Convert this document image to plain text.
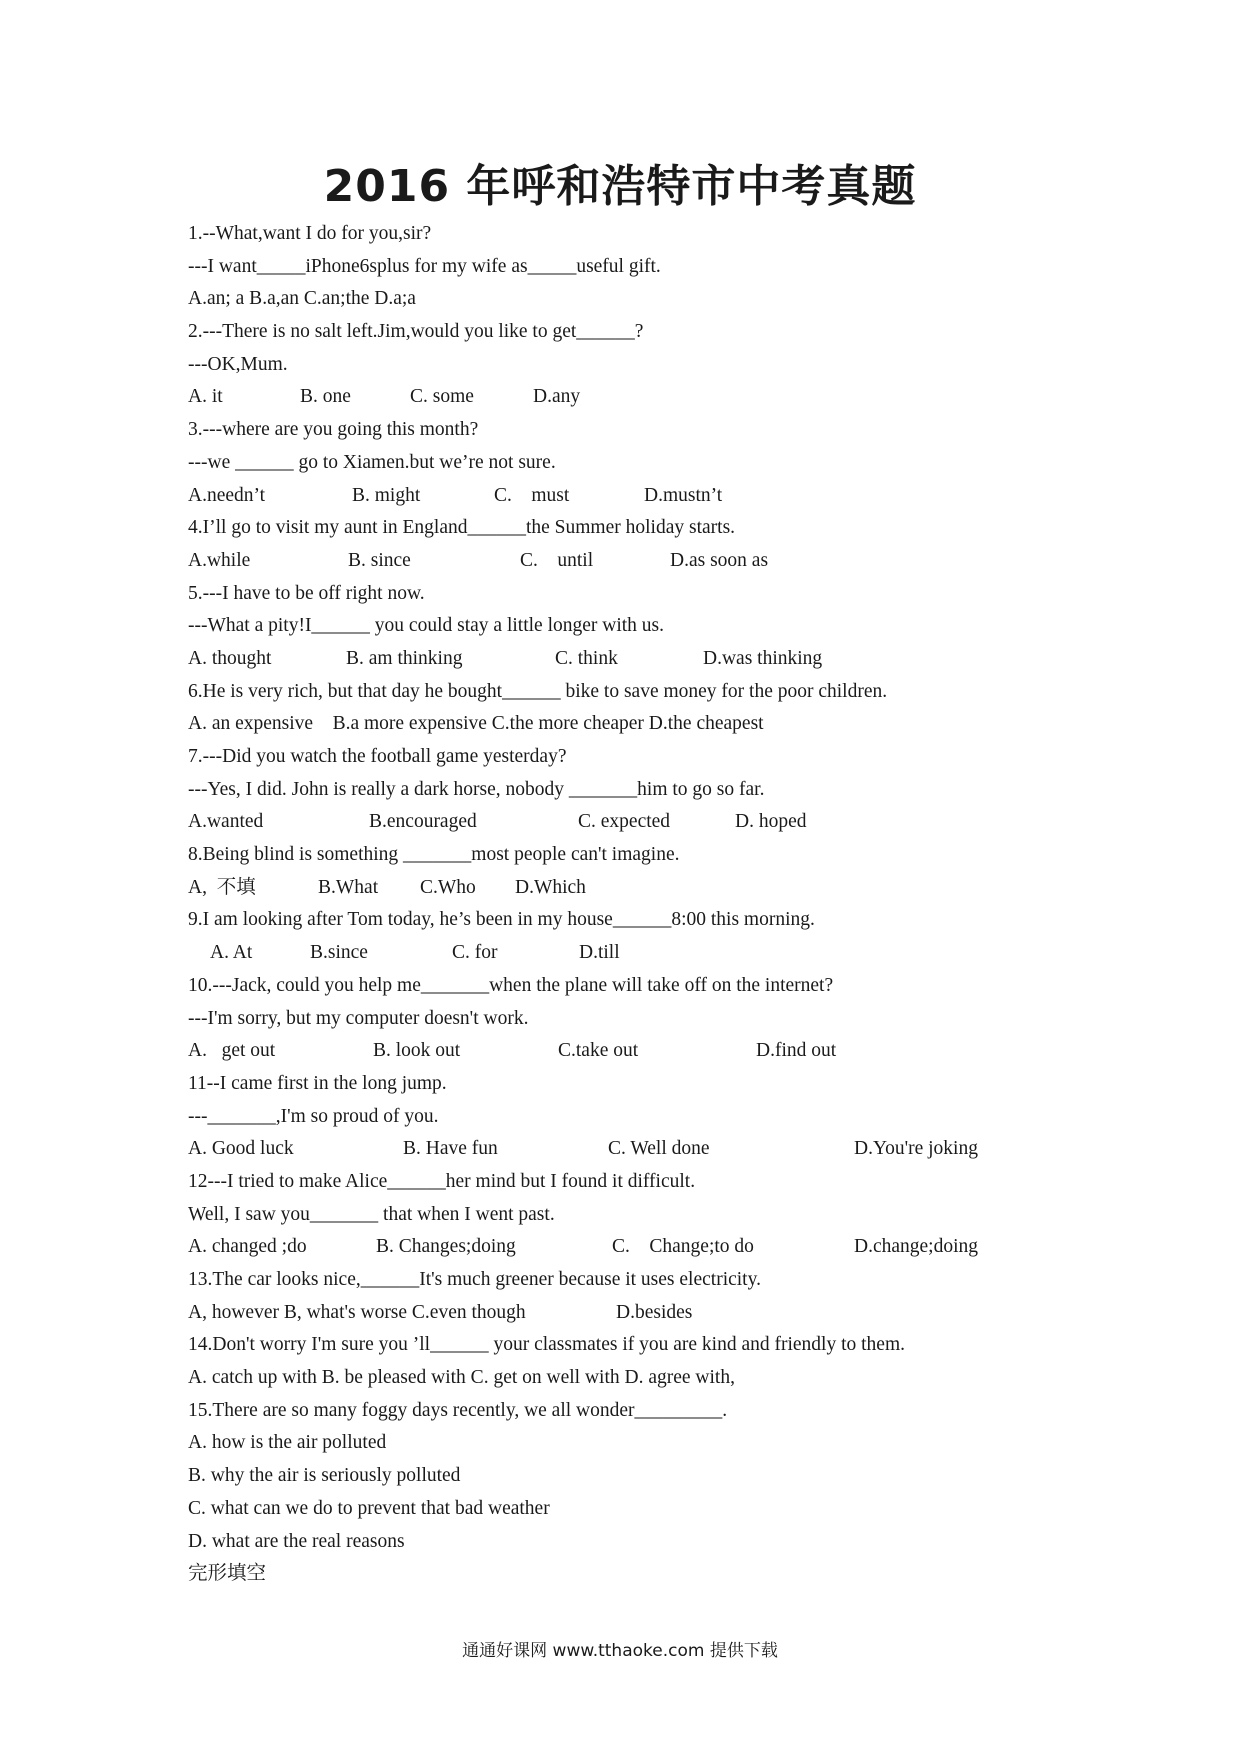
2016 年呼和浩特市中考真题
1.--What,want I do for you,sir?
---I want_____iPhone6splus for my wife as_____useful gift.
A.an; a B.a,an C.an;the D.a;a
2.---There is no salt left.Jim,would you like to get______?
---OK,Mum.
A. it	B. one	C. some	D.any
3.---where are you going this month?
---we ______ go to Xiamen.but we’re not sure.
A.needn’t	B. might	C.    must	D.mustn’t
4.I’ll go to visit my aunt in England______the Summer holiday starts.
A.while	B. since	C.    until	D.as soon as
5.---I have to be off right now.
---What a pity!I______ you could stay a little longer with us.
A. thought	B. am thinking	C. think	D.was thinking
6.He is very rich, but that day he bought______ bike to save money for the poor children.
A. an expensive    B.a more expensive C.the more cheaper D.the cheapest
7.---Did you watch the football game yesterday?
---Yes, I did. John is really a dark horse, nobody _______him to go so far.
A.wanted	B.encouraged	C. expected	D. hoped
8.Being blind is something _______most people can't imagine.
A,  不填	B.What	C.Who	D.Which
9.I am looking after Tom today, he’s been in my house______8:00 this morning.
A. At	B.since	C. for	D.till
10.---Jack, could you help me_______when the plane will take off on the internet?
---I'm sorry, but my computer doesn't work.
A.   get out	B. look out	C.take out	D.find out
11--I came first in the long jump.
---_______,I'm so proud of you.
A. Good luck	B. Have fun	C. Well done	D.You're joking
12---I tried to make Alice______her mind but I found it difficult.
Well, I saw you_______ that when I went past.
A. changed ;do	B. Changes;doing	C.    Change;to do	D.change;doing
13.The car looks nice,______It's much greener because it uses electricity.
A, however B, what's worse C.even though	D.besides
14.Don't worry I'm sure you ’ll______ your classmates if you are kind and friendly to them.
A. catch up with B. be pleased with C. get on well with D. agree with,
15.There are so many foggy days recently, we all wonder_________.
A. how is the air polluted
B. why the air is seriously polluted
C. what can we do to prevent that bad weather
D. what are the real reasons
完形填空
通通好课网 www.tthaoke.com 提供下载
